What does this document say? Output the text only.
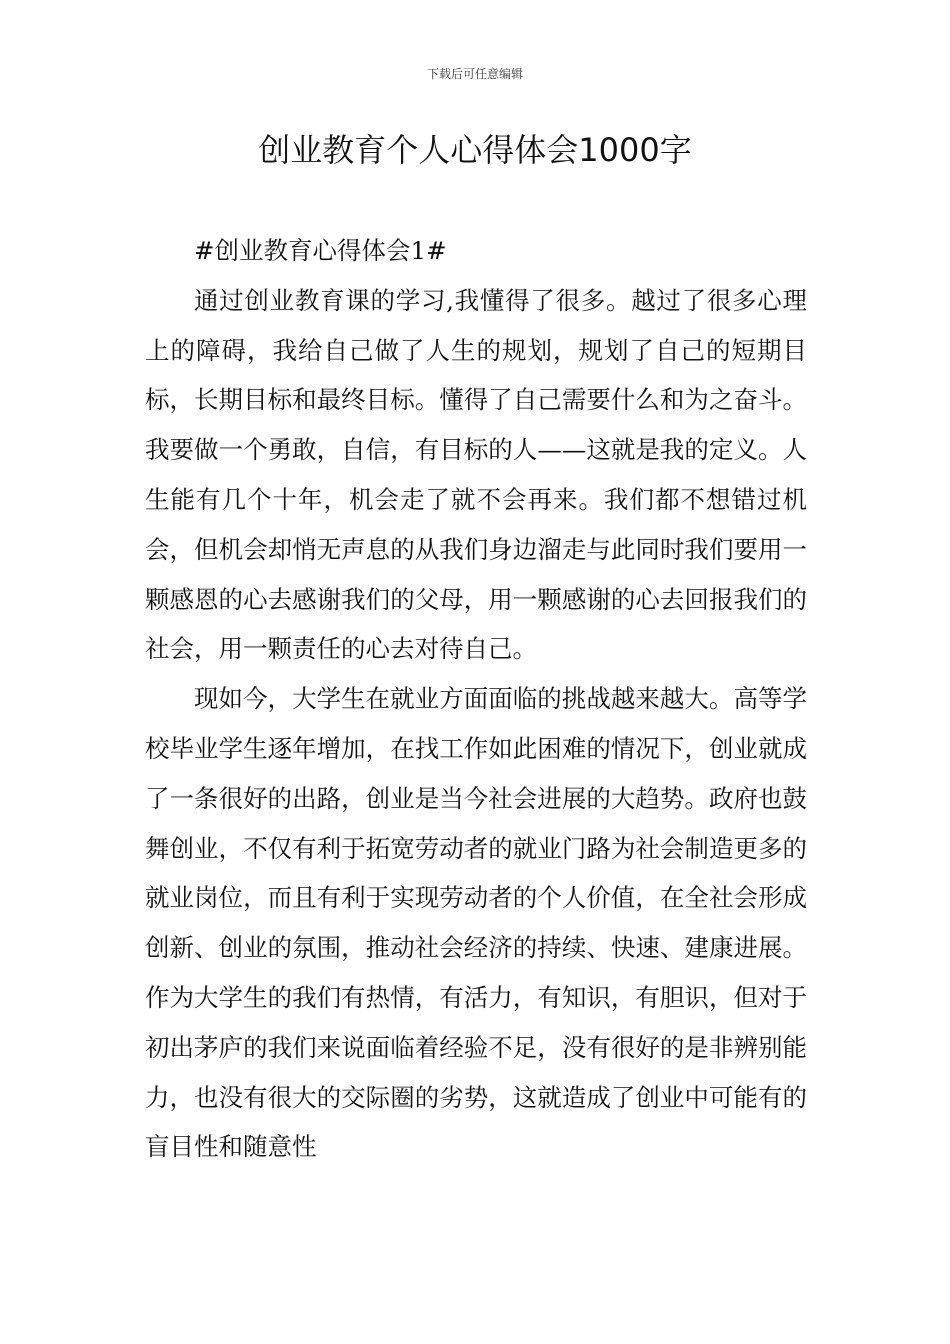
下载后可任意编辑
创业教育个人心得体会1000字

#创业教育心得体会1#

通过创业教育课的学习,我懂得了很多。越过了很多心理上的障碍，我给自己做了人生的规划，规划了自己的短期目标，长期目标和最终目标。懂得了自己需要什么和为之奋斗。我要做一个勇敢，自信，有目标的人——这就是我的定义。人生能有几个十年，机会走了就不会再来。我们都不想错过机会，但机会却悄无声息的从我们身边溜走与此同时我们要用一颗感恩的心去感谢我们的父母，用一颗感谢的心去回报我们的社会，用一颗责任的心去对待自己。

现如今，大学生在就业方面面临的挑战越来越大。高等学校毕业学生逐年增加，在找工作如此困难的情况下，创业就成了一条很好的出路，创业是当今社会进展的大趋势。政府也鼓舞创业，不仅有利于拓宽劳动者的就业门路为社会制造更多的就业岗位，而且有利于实现劳动者的个人价值，在全社会形成创新、创业的氛围，推动社会经济的持续、快速、建康进展。作为大学生的我们有热情，有活力，有知识，有胆识，但对于初出茅庐的我们来说面临着经验不足，没有很好的是非辨别能力，也没有很大的交际圈的劣势，这就造成了创业中可能有的盲目性和随意性
